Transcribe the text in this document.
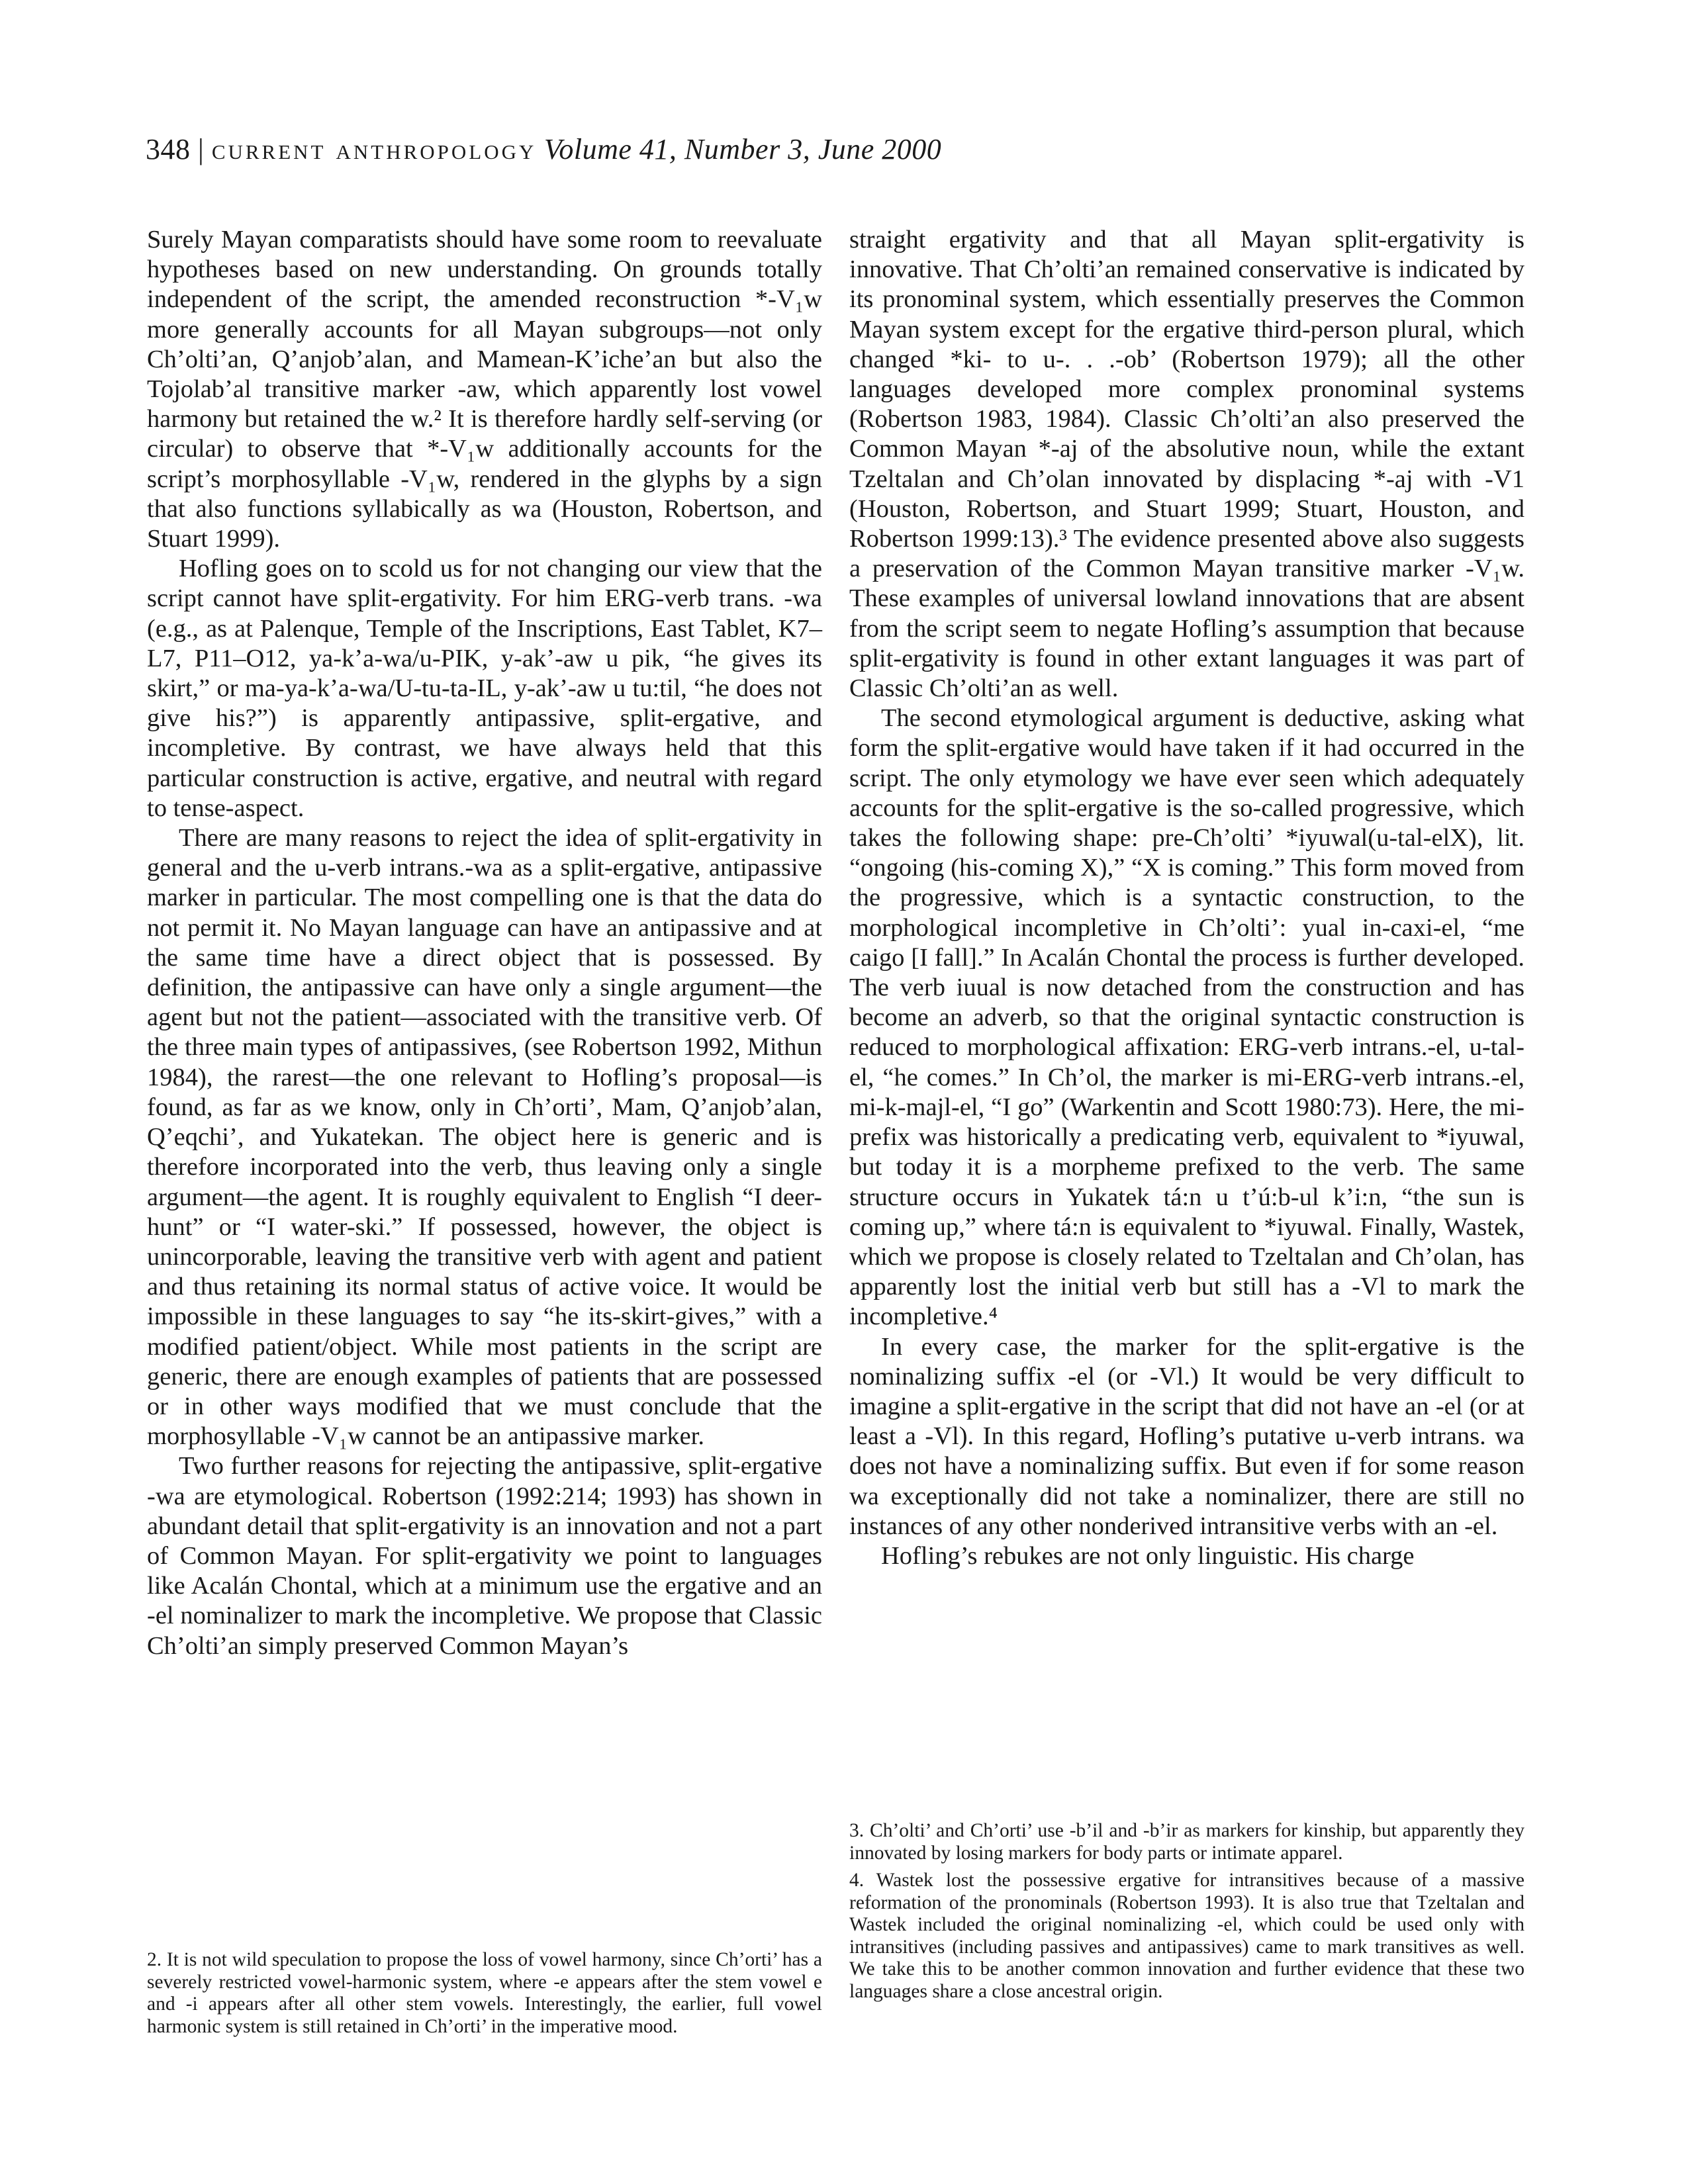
348 | current anthropology Volume 41, Number 3, June 2000

Surely Mayan comparatists should have some room to reevaluate hypotheses based on new understanding. On grounds totally independent of the script, the amended reconstruction *-V₁w more generally accounts for all Mayan subgroups—not only Ch’olti’an, Q’anjob’alan, and Mamean-K’iche’an but also the Tojolab’al transitive marker -aw, which apparently lost vowel harmony but retained the w.² It is therefore hardly self-serving (or circular) to observe that *-V₁w additionally accounts for the script’s morphosyllable -V₁w, rendered in the glyphs by a sign that also functions syllabically as wa (Houston, Robertson, and Stuart 1999).

Hofling goes on to scold us for not changing our view that the script cannot have split-ergativity. For him ERG-verb trans. -wa (e.g., as at Palenque, Temple of the Inscriptions, East Tablet, K7–L7, P11–O12, ya-k’a-wa/u-PIK, y-ak’-aw u pik, “he gives its skirt,” or ma-ya-k’a-wa/U-tu-ta-IL, y-ak’-aw u tu:til, “he does not give his?”) is apparently antipassive, split-ergative, and incompletive. By contrast, we have always held that this particular construction is active, ergative, and neutral with regard to tense-aspect.

There are many reasons to reject the idea of split-ergativity in general and the u-verb intrans.-wa as a split-ergative, antipassive marker in particular. The most compelling one is that the data do not permit it. No Mayan language can have an antipassive and at the same time have a direct object that is possessed. By definition, the antipassive can have only a single argument—the agent but not the patient—associated with the transitive verb. Of the three main types of antipassives, (see Robertson 1992, Mithun 1984), the rarest—the one relevant to Hofling’s proposal—is found, as far as we know, only in Ch’orti’, Mam, Q’anjob’alan, Q’eqchi’, and Yukatekan. The object here is generic and is therefore incorporated into the verb, thus leaving only a single argument—the agent. It is roughly equivalent to English “I deer-hunt” or “I water-ski.” If possessed, however, the object is unincorporable, leaving the transitive verb with agent and patient and thus retaining its normal status of active voice. It would be impossible in these languages to say “he its-skirt-gives,” with a modified patient/object. While most patients in the script are generic, there are enough examples of patients that are possessed or in other ways modified that we must conclude that the morphosyllable -V₁w cannot be an antipassive marker.

Two further reasons for rejecting the antipassive, split-ergative -wa are etymological. Robertson (1992:214; 1993) has shown in abundant detail that split-ergativity is an innovation and not a part of Common Mayan. For split-ergativity we point to languages like Acalán Chontal, which at a minimum use the ergative and an -el nominalizer to mark the incompletive. We propose that Classic Ch’olti’an simply preserved Common Mayan’s

straight ergativity and that all Mayan split-ergativity is innovative. That Ch’olti’an remained conservative is indicated by its pronominal system, which essentially preserves the Common Mayan system except for the ergative third-person plural, which changed *ki- to u-. . .-ob’ (Robertson 1979); all the other languages developed more complex pronominal systems (Robertson 1983, 1984). Classic Ch’olti’an also preserved the Common Mayan *-aj of the absolutive noun, while the extant Tzeltalan and Ch’olan innovated by displacing *-aj with -V1 (Houston, Robertson, and Stuart 1999; Stuart, Houston, and Robertson 1999:13).³ The evidence presented above also suggests a preservation of the Common Mayan transitive marker -V₁w. These examples of universal lowland innovations that are absent from the script seem to negate Hofling’s assumption that because split-ergativity is found in other extant languages it was part of Classic Ch’olti’an as well.

The second etymological argument is deductive, asking what form the split-ergative would have taken if it had occurred in the script. The only etymology we have ever seen which adequately accounts for the split-ergative is the so-called progressive, which takes the following shape: pre-Ch’olti’ *iyuwal(u-tal-elX), lit. “ongoing (his-coming X),” “X is coming.” This form moved from the progressive, which is a syntactic construction, to the morphological incompletive in Ch’olti’: yual in-caxi-el, “me caigo [I fall].” In Acalán Chontal the process is further developed. The verb iuual is now detached from the construction and has become an adverb, so that the original syntactic construction is reduced to morphological affixation: ERG-verb intrans.-el, u-tal-el, “he comes.” In Ch’ol, the marker is mi-ERG-verb intrans.-el, mi-k-majl-el, “I go” (Warkentin and Scott 1980:73). Here, the mi- prefix was historically a predicating verb, equivalent to *iyuwal, but today it is a morpheme prefixed to the verb. The same structure occurs in Yukatek tá:n u t’ú:b-ul k’i:n, “the sun is coming up,” where tá:n is equivalent to *iyuwal. Finally, Wastek, which we propose is closely related to Tzeltalan and Ch’olan, has apparently lost the initial verb but still has a -Vl to mark the incompletive.⁴

In every case, the marker for the split-ergative is the nominalizing suffix -el (or -Vl.) It would be very difficult to imagine a split-ergative in the script that did not have an -el (or at least a -Vl). In this regard, Hofling’s putative u-verb intrans. wa does not have a nominalizing suffix. But even if for some reason wa exceptionally did not take a nominalizer, there are still no instances of any other nonderived intransitive verbs with an -el.

Hofling’s rebukes are not only linguistic. His charge

2. It is not wild speculation to propose the loss of vowel harmony, since Ch’orti’ has a severely restricted vowel-harmonic system, where -e appears after the stem vowel e and -i appears after all other stem vowels. Interestingly, the earlier, full vowel harmonic system is still retained in Ch’orti’ in the imperative mood.

3. Ch’olti’ and Ch’orti’ use -b’il and -b’ir as markers for kinship, but apparently they innovated by losing markers for body parts or intimate apparel.

4. Wastek lost the possessive ergative for intransitives because of a massive reformation of the pronominals (Robertson 1993). It is also true that Tzeltalan and Wastek included the original nominalizing -el, which could be used only with intransitives (including passives and antipassives) came to mark transitives as well. We take this to be another common innovation and further evidence that these two languages share a close ancestral origin.
